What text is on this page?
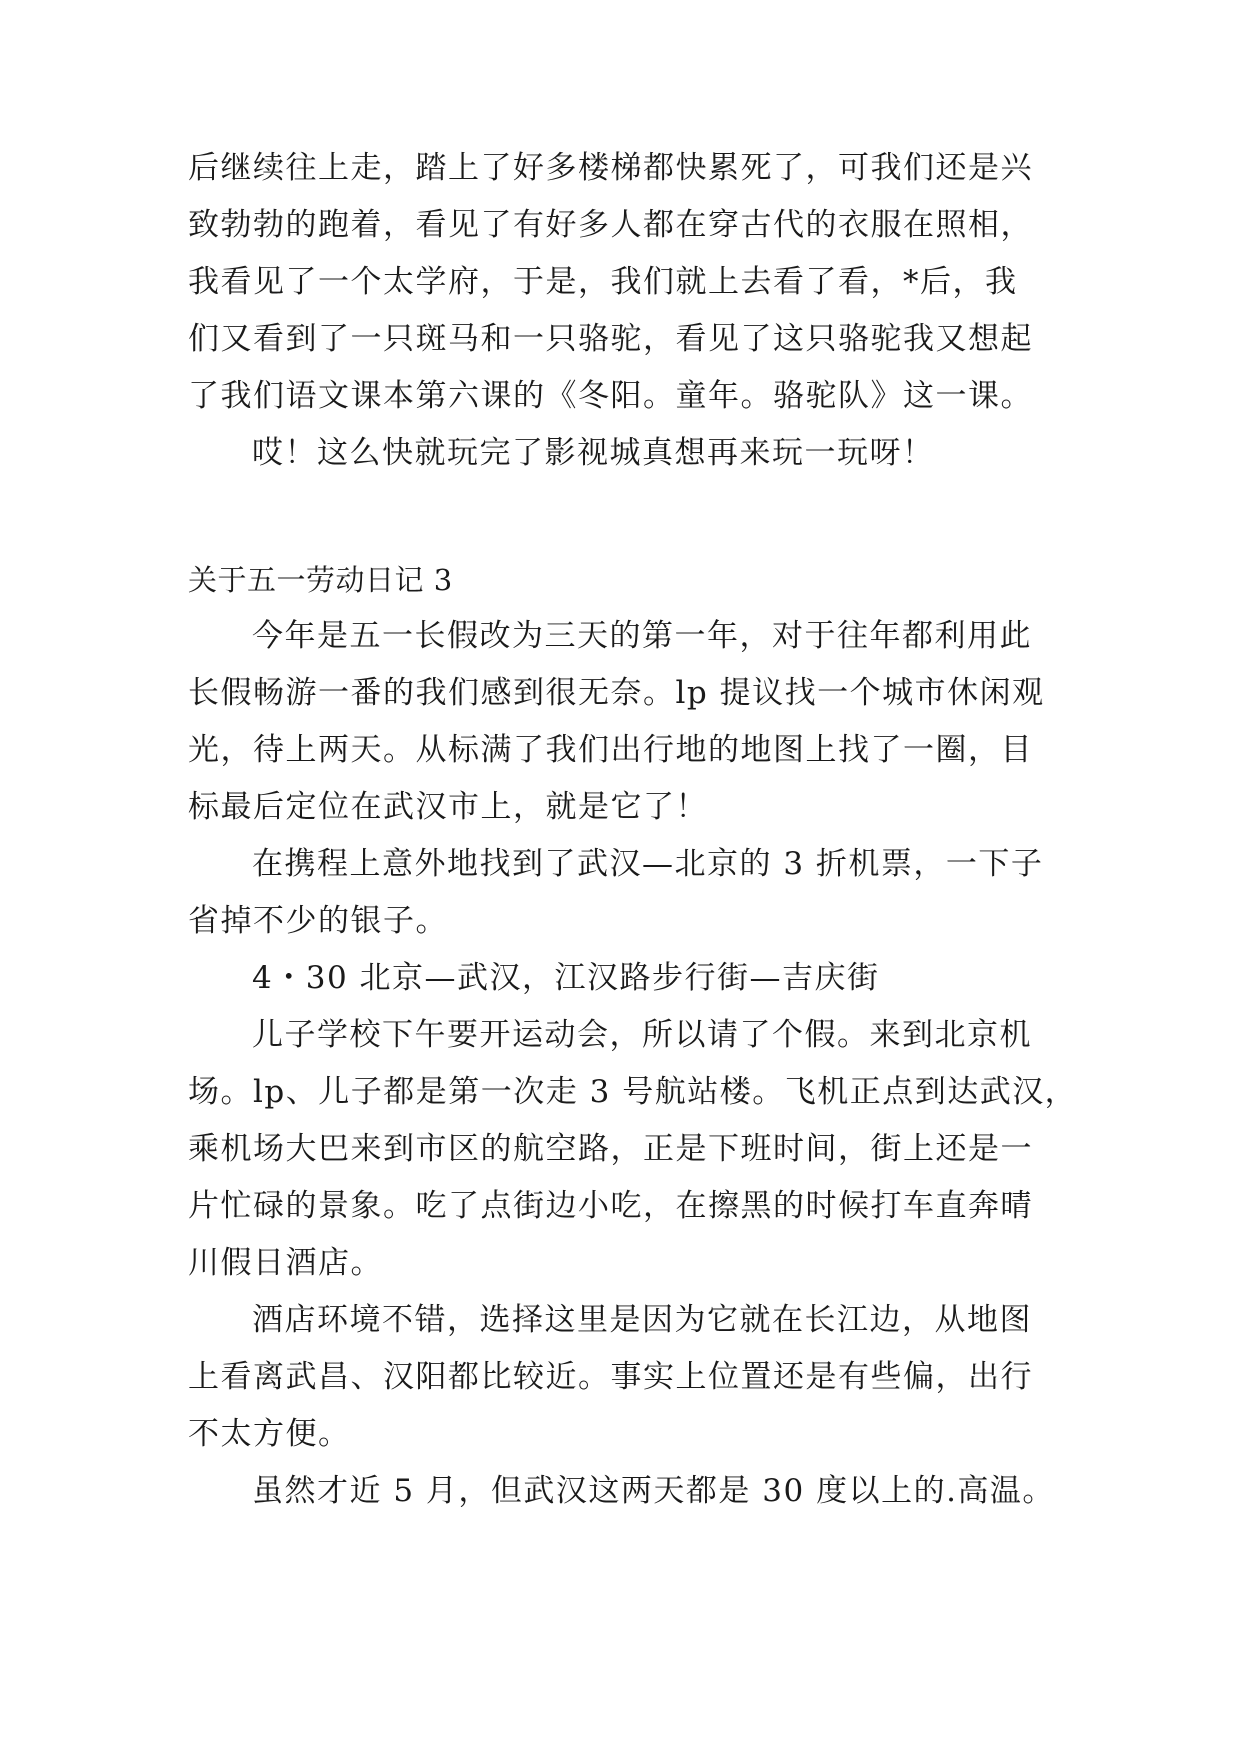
后继续往上走，踏上了好多楼梯都快累死了，可我们还是兴
致勃勃的跑着，看见了有好多人都在穿古代的衣服在照相，
我看见了一个太学府，于是，我们就上去看了看，*后，我
们又看到了一只斑马和一只骆驼，看见了这只骆驼我又想起
了我们语文课本第六课的《冬阳。童年。骆驼队》这一课。
哎！这么快就玩完了影视城真想再来玩一玩呀！
关于五一劳动日记 3
今年是五一长假改为三天的第一年，对于往年都利用此
长假畅游一番的我们感到很无奈。lp 提议找一个城市休闲观
光，待上两天。从标满了我们出行地的地图上找了一圈，目
标最后定位在武汉市上，就是它了！
在携程上意外地找到了武汉—北京的 3 折机票，一下子
省掉不少的银子。
4・30 北京—武汉，江汉路步行街—吉庆街
儿子学校下午要开运动会，所以请了个假。来到北京机
场。lp、儿子都是第一次走 3 号航站楼。飞机正点到达武汉，
乘机场大巴来到市区的航空路，正是下班时间，街上还是一
片忙碌的景象。吃了点街边小吃，在擦黑的时候打车直奔晴
川假日酒店。
酒店环境不错，选择这里是因为它就在长江边，从地图
上看离武昌、汉阳都比较近。事实上位置还是有些偏，出行
不太方便。
虽然才近 5 月，但武汉这两天都是 30 度以上的.高温。
